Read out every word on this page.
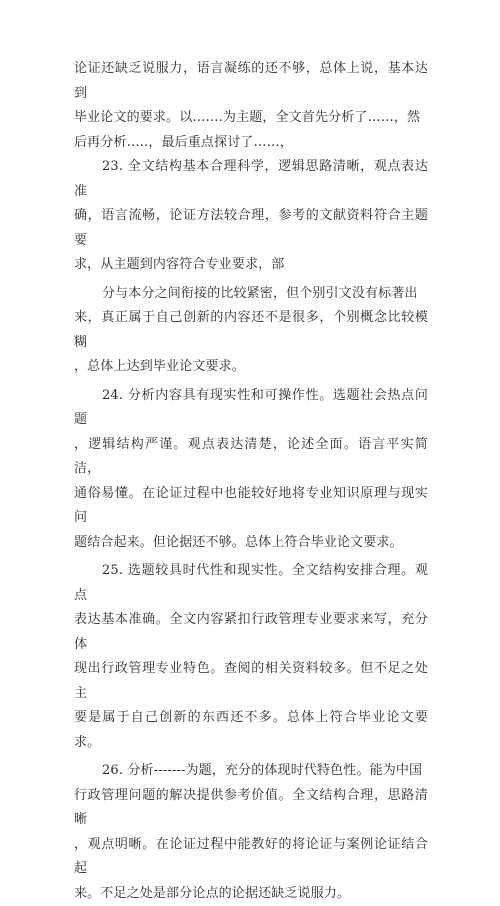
论证还缺乏说服力，语言凝练的还不够，总体上说，基本达到
毕业论文的要求。以…….为主题，全文首先分析了……，然
后再分析…..，最后重点探讨了……，

23. 全文结构基本合理科学，逻辑思路清晰，观点表达准
确，语言流畅，论证方法较合理，参考的文献资料符合主题要
求，从主题到内容符合专业要求，部

分与本分之间衔接的比较紧密，但个别引文没有标著出
来，真正属于自己创新的内容还不是很多，个别概念比较模糊
，总体上达到毕业论文要求。

24. 分析内容具有现实性和可操作性。选题社会热点问题
，逻辑结构严谨。观点表达清楚，论述全面。语言平实简洁，
通俗易懂。在论证过程中也能较好地将专业知识原理与现实问
题结合起来。但论据还不够。总体上符合毕业论文要求。

25. 选题较具时代性和现实性。全文结构安排合理。观点
表达基本准确。全文内容紧扣行政管理专业要求来写，充分体
现出行政管理专业特色。查阅的相关资料较多。但不足之处主
要是属于自己创新的东西还不多。总体上符合毕业论文要求。

26. 分析-------为题，充分的体现时代特色性。能为中国
行政管理问题的解决提供参考价值。全文结构合理，思路清晰
，观点明晰。在论证过程中能教好的将论证与案例论证结合起
来。不足之处是部分论点的论据还缺乏说服力。
